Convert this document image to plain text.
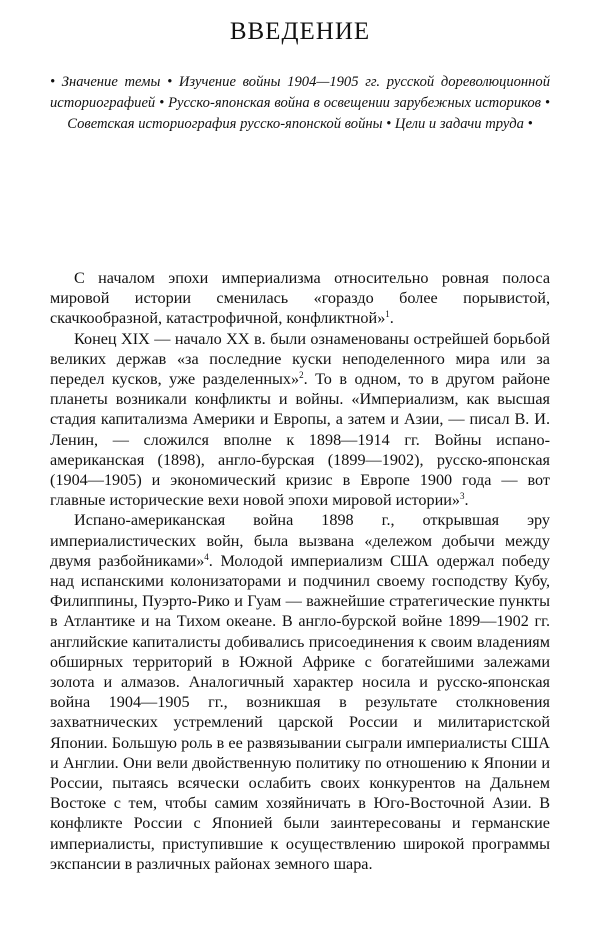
ВВЕДЕНИЕ

• Значение темы • Изучение войны 1904—1905 гг. русской дореволюционной историографией • Русско-японская война в освещении зарубежных историков • Советская историография русско-японской войны • Цели и задачи труда •

С началом эпохи империализма относительно ровная полоса мировой истории сменилась «гораздо более порывистой, скачкообразной, катастрофичной, конфликтной»$^1$.

Конец XIX — начало XX в. были ознаменованы острейшей борьбой великих держав «за последние куски неподеленного мира или за передел кусков, уже разделенных»$^2$. То в одном, то в другом районе планеты возникали конфликты и войны. «Империализм, как высшая стадия капитализма Америки и Европы, а затем и Азии, — писал В. И. Ленин, — сложился вполне к 1898—1914 гг. Войны испано-американская (1898), англо-бурская (1899—1902), русско-японская (1904—1905) и экономический кризис в Европе 1900 года — вот главные исторические вехи новой эпохи мировой истории»$^3$.

Испано-американская война 1898 г., открывшая эру империалистических войн, была вызвана «дележом добычи между двумя разбойниками»$^4$. Молодой империализм США одержал победу над испанскими колонизаторами и подчинил своему господству Кубу, Филиппины, Пуэрто-Рико и Гуам — важнейшие стратегические пункты в Атлантике и на Тихом океане. В англо-бурской войне 1899—1902 гг. английские капиталисты добивались присоединения к своим владениям обширных территорий в Южной Африке с богатейшими залежами золота и алмазов. Аналогичный характер носила и русско-японская война 1904—1905 гг., возникшая в результате столкновения захватнических устремлений царской России и милитаристской Японии. Большую роль в ее развязывании сыграли империалисты США и Англии. Они вели двойственную политику по отношению к Японии и России, пытаясь всячески ослабить своих конкурентов на Дальнем Востоке с тем, чтобы самим хозяйничать в Юго-Восточной Азии. В конфликте России с Японией были заинтересованы и германские империалисты, приступившие к осуществлению широкой программы экспансии в различных районах земного шара.
